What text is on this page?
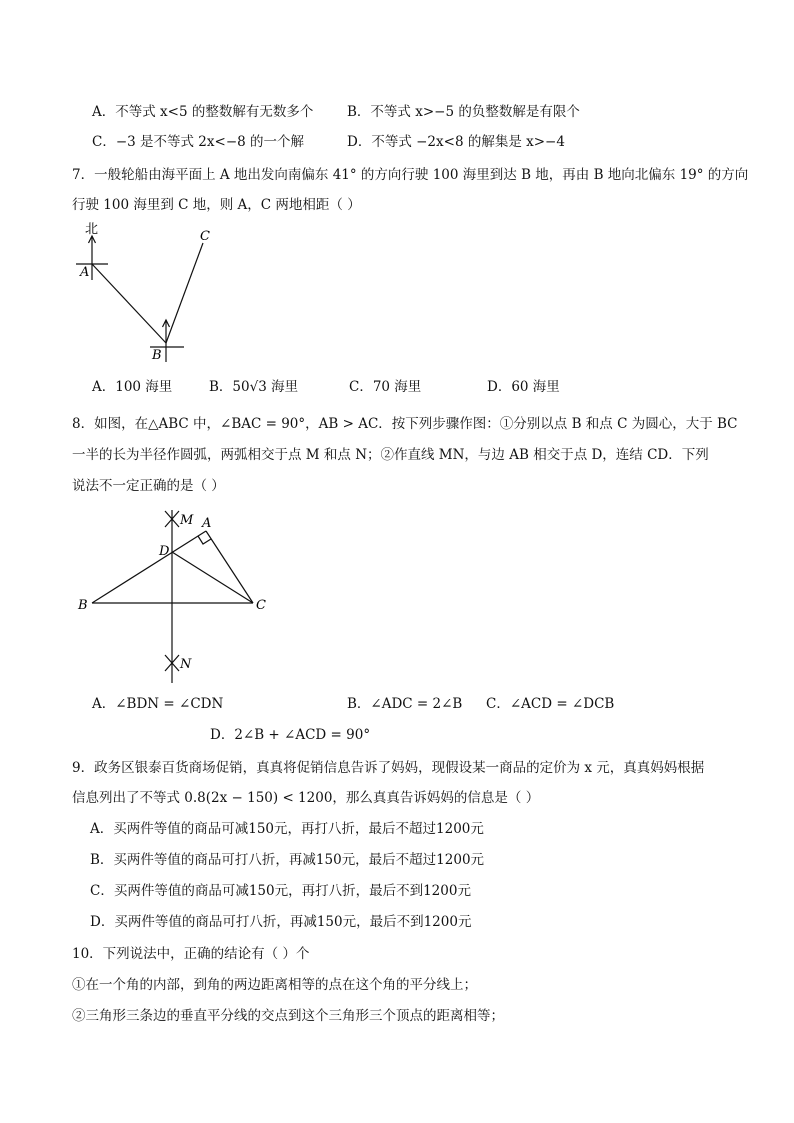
A．不等式 x<5 的整数解有无数多个 B．不等式 x>−5 的负整数解是有限个
C．−3 是不等式 2x<−8 的一个解	D．不等式 −2x<8 的解集是 x>−4
7．一般轮船由海平面上 A 地出发向南偏东 41° 的方向行驶 100 海里到达 B 地，再由 B 地向北偏东 19° 的方向
行驶 100 海里到 C 地，则 A，C 两地相距（ ）
北
A
B
C
A．100 海里	B．50√3 海里	C．70 海里	D．60 海里
8．如图，在△ABC 中，∠BAC = 90°，AB > AC．按下列步骤作图：①分别以点 B 和点 C 为圆心，大于 BC
一半的长为半径作圆弧，两弧相交于点 M 和点 N；②作直线 MN，与边 AB 相交于点 D，连结 CD．下列
说法不一定正确的是（ ）
M A
D
B	C
N
A．∠BDN = ∠CDN	B．∠ADC = 2∠B C．∠ACD = ∠DCB
D．2∠B + ∠ACD = 90°
9．政务区银泰百货商场促销，真真将促销信息告诉了妈妈，现假设某一商品的定价为 x 元，真真妈妈根据
信息列出了不等式 0.8(2x − 150) < 1200，那么真真告诉妈妈的信息是（ ）
A．买两件等值的商品可减150元，再打八折，最后不超过1200元
B．买两件等值的商品可打八折，再减150元，最后不超过1200元
C．买两件等值的商品可减150元，再打八折，最后不到1200元
D．买两件等值的商品可打八折，再减150元，最后不到1200元
10．下列说法中，正确的结论有（ ）个
①在一个角的内部，到角的两边距离相等的点在这个角的平分线上；
②三角形三条边的垂直平分线的交点到这个三角形三个顶点的距离相等；
